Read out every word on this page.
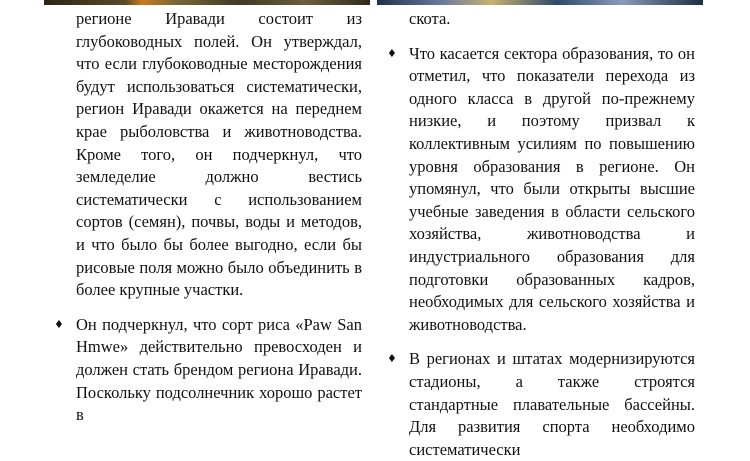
регионе Иравади состоит из глубоководных полей. Он утверждал, что если глубоководные месторождения будут использоваться систематически, регион Иравади окажется на переднем крае рыболовства и животноводства. Кроме того, он подчеркнул, что земледелие должно вестись систематически с использованием сортов (семян), почвы, воды и методов, и что было бы более выгодно, если бы рисовые поля можно было объединить в более крупные участки.

♦ Он подчеркнул, что сорт риса «Paw San Hmwe» действительно превосходен и должен стать брендом региона Иравади. Поскольку подсолнечник хорошо растет в

скота.

♦ Что касается сектора образования, то он отметил, что показатели перехода из одного класса в другой по-прежнему низкие, и поэтому призвал к коллективным усилиям по повышению уровня образования в регионе. Он упомянул, что были открыты высшие учебные заведения в области сельского хозяйства, животноводства и индустриального образования для подготовки образованных кадров, необходимых для сельского хозяйства и животноводства.

♦ В регионах и штатах модернизируются стадионы, а также строятся стандартные плавательные бассейны. Для развития спорта необходимо систематически
